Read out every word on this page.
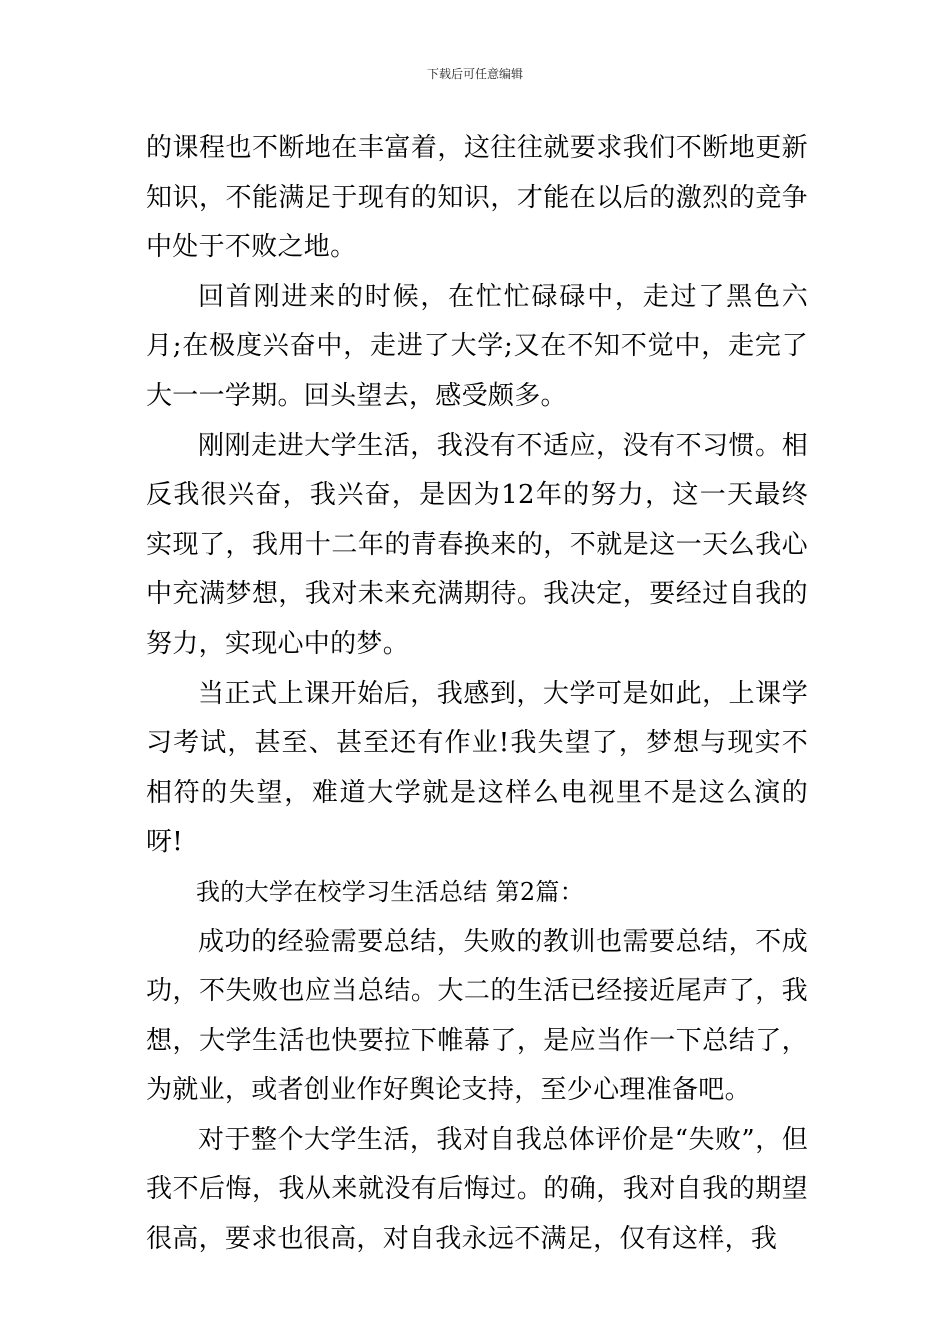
下载后可任意编辑

的课程也不断地在丰富着，这往往就要求我们不断地更新知识，不能满足于现有的知识，才能在以后的激烈的竞争中处于不败之地。

回首刚进来的时候，在忙忙碌碌中，走过了黑色六月;在极度兴奋中，走进了大学;又在不知不觉中，走完了大一一学期。回头望去，感受颇多。

刚刚走进大学生活，我没有不适应，没有不习惯。相反我很兴奋，我兴奋，是因为12年的努力，这一天最终实现了，我用十二年的青春换来的，不就是这一天么我心中充满梦想，我对未来充满期待。我决定，要经过自我的努力，实现心中的梦。

当正式上课开始后，我感到，大学可是如此，上课学习考试，甚至、甚至还有作业!我失望了，梦想与现实不相符的失望，难道大学就是这样么电视里不是这么演的呀!

我的大学在校学习生活总结 第2篇：

成功的经验需要总结，失败的教训也需要总结，不成功，不失败也应当总结。大二的生活已经接近尾声了，我想，大学生活也快要拉下帷幕了，是应当作一下总结了，为就业，或者创业作好舆论支持，至少心理准备吧。

对于整个大学生活，我对自我总体评价是“失败”，但我不后悔，我从来就没有后悔过。的确，我对自我的期望很高，要求也很高，对自我永远不满足，仅有这样，我
